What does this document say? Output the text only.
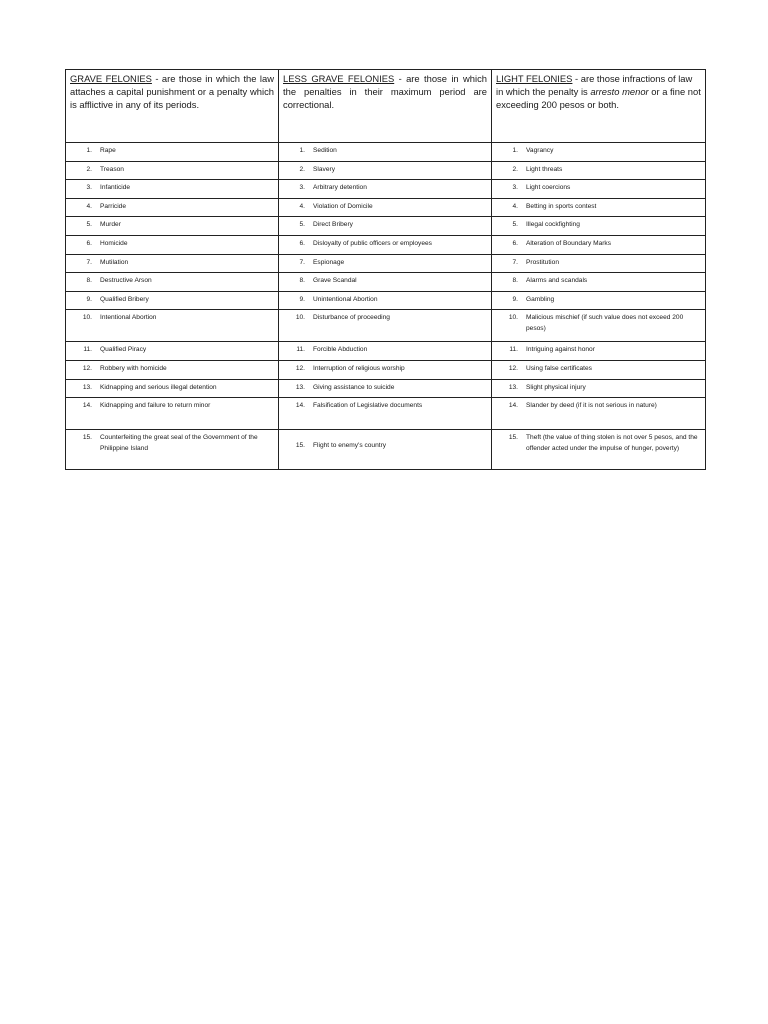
GRAVE FELONIES - are those in which the law attaches a capital punishment or a penalty which is afflictive in any of its periods.	LESS GRAVE FELONIES - are those in which the penalties in their maximum period are correctional.	LIGHT FELONIES - are those infractions of law in which the penalty is arresto menor or a fine not exceeding 200 pesos or both.

1. Rape	1. Sedition	1. Vagrancy

2. Treason	2. Slavery	2. Light threats

3. Infanticide	3. Arbitrary detention	3. Light coercions

4. Parricide	4. Violation of Domicile	4. Betting in sports contest

5. Murder	5. Direct Bribery	5. Illegal cockfighting

6. Homicide	6. Disloyalty of public officers or employees	6. Alteration of Boundary Marks

7. Mutilation	7. Espionage	7. Prostitution

8. Destructive Arson	8. Grave Scandal	8. Alarms and scandals

9. Qualified Bribery	9. Unintentional Abortion	9. Gambling

10. Intentional Abortion	10. Disturbance of proceeding	10. Malicious mischief (if such value does not exceed 200 pesos)

11. Qualified Piracy	11. Forcible Abduction	11. Intriguing against honor

12. Robbery with homicide	12. Interruption of religious worship	12. Using false certificates

13. Kidnapping and serious illegal detention	13. Giving assistance to suicide	13. Slight physical injury

14. Kidnapping and failure to return minor	14. Falsification of Legislative documents	14. Slander by deed (if it is not serious in nature)

15. Counterfeiting the great seal of the Government of the Philippine Island	15. Flight to enemy's country	15. Theft (the value of thing stolen is not over 5 pesos, and the offender acted under the impulse of hunger, poverty)
